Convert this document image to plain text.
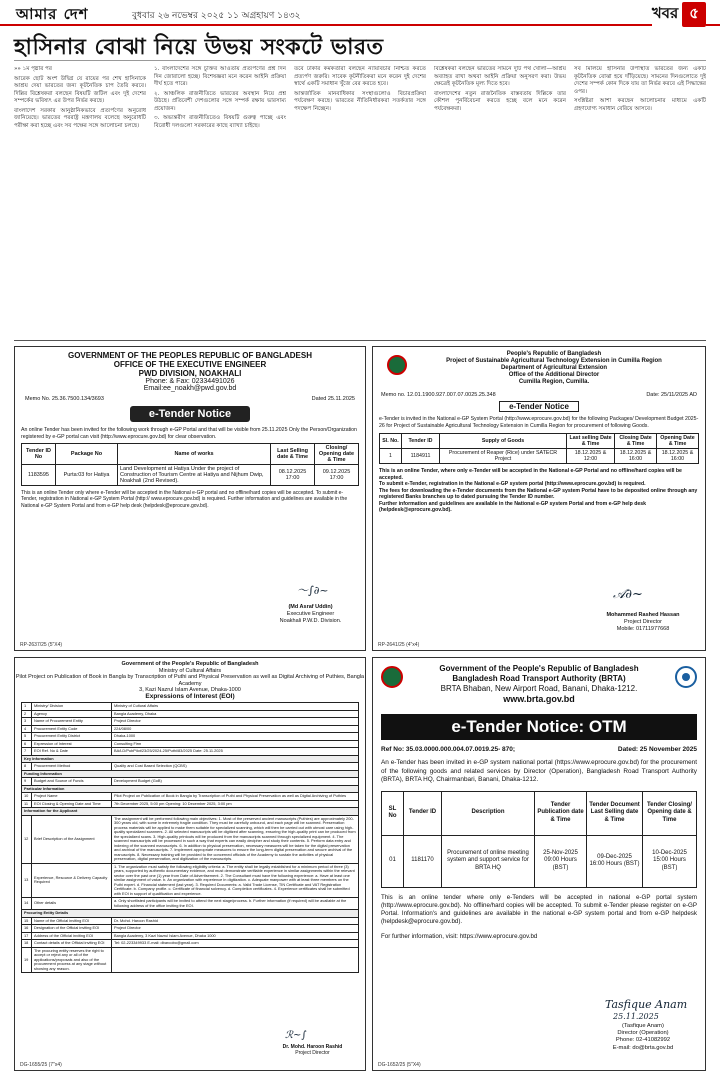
আমার দেশ	বুধবার ২৬ নভেম্বর ২০২৫ ১১ অগ্রহায়ণ ১৪৩২	খবর ৫
হাসিনার বোঝা নিয়ে উভয় সংকটে ভারত

»» ১ম পৃষ্ঠার পর

আরেক ছোট অংশ উদ্বিগ্ন যে রায়ের পর শেখ হাসিনাকে আশ্রয় দেয়া ভারতের জন্য কূটনৈতিক চাপ তৈরি করবে। দিল্লির বিশ্লেষকরা বলছেন বিষয়টি জটিল এবং দুই দেশের সম্পর্কের ভবিষ্যৎ এর উপর নির্ভর করছে।

বাংলাদেশ সরকার আনুষ্ঠানিকভাবে প্রত্যর্পণের অনুরোধ জানিয়েছে। ভারতের পররাষ্ট্র মন্ত্রণালয় বলেছে অনুরোধটি পরীক্ষা করা হচ্ছে এবং সব পক্ষের সঙ্গে আলোচনা চলছে।

১. বাংলাদেশের সঙ্গে চুক্তির আওতায় প্রত্যর্পণের প্রশ্ন দিন দিন জোরালো হচ্ছে। বিশেষজ্ঞরা মনে করেন আইনি প্রক্রিয়া দীর্ঘ হতে পারে।

২. আঞ্চলিক রাজনীতিতে ভারতের অবস্থান নিয়ে প্রশ্ন উঠছে। প্রতিবেশী দেশগুলোর সঙ্গে সম্পর্ক রক্ষায় ভারসাম্য প্রয়োজন।

৩. অভ্যন্তরীণ রাজনীতিতেও বিষয়টি গুরুত্ব পাচ্ছে এবং বিরোধী দলগুলো সরকারের কাছে ব্যাখ্যা চাইছে।

তবে ঢাকার কর্মকর্তারা বলছেন ন্যায়বিচার নিশ্চিত করতে প্রত্যর্পণ জরুরি। সাবেক কূটনীতিকরা মনে করেন দুই দেশের স্বার্থে একটি সমাধান খুঁজে বের করতে হবে।

আন্তর্জাতিক মানবাধিকার সংস্থাগুলোও বিচারপ্রক্রিয়া পর্যবেক্ষণ করছে। ভারতের নীতিনির্ধারকরা সতর্কতার সঙ্গে পদক্ষেপ নিচ্ছেন।

বিশ্লেষকরা বলছেন ভারতের সামনে দুটি পথ খোলা—আশ্রয় অব্যাহত রাখা অথবা আইনি প্রক্রিয়া অনুসরণ করা। উভয় ক্ষেত্রেই কূটনৈতিক মূল্য দিতে হবে।

বাংলাদেশের নতুন রাজনৈতিক বাস্তবতায় দিল্লিকে তার কৌশল পুনর্বিবেচনা করতে হচ্ছে বলে মনে করেন পর্যবেক্ষকরা।

সব মিলিয়ে হাসিনার উপস্থিতি ভারতের জন্য একটি কূটনৈতিক বোঝা হয়ে দাঁড়িয়েছে। সামনের দিনগুলোতে দুই দেশের সম্পর্ক কোন দিকে যায় তা নির্ভর করবে এই সিদ্ধান্তের ওপর।

সংশ্লিষ্টরা আশা করছেন আলোচনার মাধ্যমে একটি গ্রহণযোগ্য সমাধান বেরিয়ে আসবে।

GOVERNMENT OF THE PEOPLES REPUBLIC OF BANGLADESH
OFFICE OF THE EXECUTIVE ENGINEER
PWD DIVISION, NOAKHALI
Phone: & Fax: 02334491026
Email:ee_noakh@pwd.gov.bd
Memo No. 25.36.7500.134/3693	Dated 25.11.2025
e-Tender Notice
An online Tender has been invited for the following work through e-GP Portal and that will be visible from 25.11.2025 Only the Person/Organization registered by e-GP portal can visit (http://www.eprocure.gov.bd) for clear observation.
Tender ID No	Package No	Name of works	Last Selling date & Time	Closing/ Opening date & Time
1183595	Purta:03 for Hatiya	Land Development at Hatiya Under the project of Construction of Tourism Centre at Hatiya and Nijhum Dwip, Noakhali (2nd Revised).	08.12.2025 17:00	09.12.2025 17:00
This is an online Tender only where e-Tender will be accepted in the National e-GP portal and no offline/hard copies will be accepted. To submit e-Tender, registration in National e-GP System Portal (http:// www.eprocure.gov.bd) is required. Further information and guidelines are available in the National e-GP System Portal and from e-GP help desk (helpdesk@eprocure.gov.bd).
〜∫∂~
(Md Asraf Uddin)
Executive Engineer
Noakhali P.W.D. Division.
RP-2637/25 (5"X4)
People's Republic of Bangladesh
Project of Sustainable Agricultural Technology Extension in Cumilla Region
Department of Agricultural Extension
Office of the Additional Director
Cumilla Region, Cumilla.
Memo no. 12.01.1900.927.007.07.0025.25.348	Date: 25/11/2025 AD
e-Tender Notice
e-Tender is invited in the National e-GP System Portal (http://www.eprocure.gov.bd) for the following Packages/ Development Budget 2025-26 for Project of Sustainable Agricultural Technology Extension in Cumilla Region for procurement of following Goods.
Sl. No.	Tender ID	Supply of Goods	Last selling Date & Time	Closing Date & Time	Opening Date & Time
1	1184911	Procurement of Reaper (Rice) under SATECR Project	18.12.2025 & 12:00	18.12.2025 & 16:00	18.12.2025 & 16:00

This is an online Tender, where only e-Tender will be accepted in the National e-GP Portal and no offline/hard copies will be accepted.

To submit e-Tender, registration in the National e-GP system portal (http://www.eprocure.gov.bd) is required.

The fees for downloading the e-Tender documents from the National e-GP system Portal have to be deposited online through any registered Banks branches up to dated pursuing the Tender ID number.

Further information and guidelines are available in the National e-GP system Portal and from e-GP help desk (helpdesk@eprocure.gov.bd).

𝒜∂~
Mohammed Rashed Hassan
Project Director
Mobile: 01711977668
RP-2641/25 (4"x4)
Government of the People's Republic of Bangladesh
Ministry of Cultural Affairs
Pilot Project on Publication of Book in Bangla by Transcription of Puthi and Physical Preservation as well as Digital Archiving of Puthies, Bangla Academy
3, Kazi Nazrul Islam Avenue, Dhaka-1000
Expressions of Interest (EOI)
1	Ministry/ Division	Ministry of Cultural Affairs
2	Agency	Bangla Academy, Dhaka
3	Name of Procurement Entity	Project Director
4	Procurement Entity Code	224/08/00
5	Procurement Entity District	Dhaka-1000
6	Expression of Interest	Consulting Firm
7	EOI Ref. No & Date	BA/LD/PubPilot/23/25/2024-25/Puthi/83/2025 Date: 25.11.2025
Key Information		
8	Procurement Method	Quality and Cost Based Selection (QCBS)
Funding Information		
9	Budget and Source of Funds	Development Budget (GoB)
Particular Information		
10	Project Name	Pilot Project on Publication of Book in Bangla by Transcription of Puthi and Physical Preservation as well as Digital Archiving of Puthies
11	EOI Closing & Opening Date and Time	7th December 2025, 5:00 pm Opening: 10 December 2025, 3:00 pm
Information for the Applicant		
12	Brief Description of the Assignment	The assignment will be performed following main objectives: 1. Most of the preserved ancient manuscripts (Puthies) are approximately 200-300 years old, with some in extremely fragile condition. They must be carefully unbound, and each page will be scanned. Preservation process materials will be applied to make them suitable for specialized scanning, which will then be carried out with utmost care using high-quality specialized scanners. 2. All selected manuscripts will be digitized after scanning, ensuring the high-quality print can be produced from the specialized scans. 3. High-quality printouts will be produced from the manuscripts scanned through specialized equipment. 4. The scanned manuscripts will be processed in such a way that experts can easily decipher and study their contents. 5. Perform data entry and indexing of the scanned manuscripts. 6. In addition to physical preservation, necessary measures will be taken for the digital preservation and archival of the manuscripts. 7. Implement appropriate measures to ensure the long-term digital preservation and secure archival of the manuscripts. 8. Necessary training will be provided to the concerned officials of the Academy to sustain the activities of physical preservation, digital preservation, and digitization of the manuscripts.
13	Experience, Resource & Delivery Capacity Required	1. The organization must satisfy the following eligibility criteria: a. The entity shall be legally established for a minimum period of three (3) years, supported by authentic documentary evidence, and must demonstrate verifiable experience in similar assignments within the relevant sector over the past one (1) year from Date of Advertisement. 2. The Consultant must have the following experience: a. Have at least one similar assignment of value. b. An organization with experience in digitization. c. Adequate manpower with at least three members on the Puthi expert. d. Financial statement (last year). 3. Required Documents: a. Valid Trade License, TIN Certificate and VAT Registration Certificate. b. Company profile. c. Certificate of financial solvency. d. Completion certificates. 4. Experience certificates shall be submitted with EOI in support of qualification and experience.
14	Other details	a. Only shortlisted participants will be invited to attend the next stage/process. b. Further information (if required) will be available at the following address of the office inviting the EOI.
Procuring Entity Details		
15	Name of the Official inviting EOI	Dr. Mohd. Haroon Rashid
16	Designation of the Official inviting EOI	Project Director
17	Address of the Official inviting EOI	Bangla Academy, 3 Kazi Nazrul Islam Avenue, Dhaka 1000
18	Contact details of the Official inviting EOI	Tel: 02-223349933 E-mail: dbaroobo@gmail.com
19	The procuring entity reserves the right to accept or reject any or all of the applications/proposals and also of the procurement process at any stage without showing any reason.	
ℛ~∫
Dr. Mohd. Haroon Rashid
Project Director
DG-1655/25 (7"x4)
Government of the People's Republic of Bangladesh
Bangladesh Road Transport Authority (BRTA)
BRTA Bhaban, New Airport Road, Banani, Dhaka-1212.
www.brta.gov.bd
e-Tender Notice: OTM
Ref No: 35.03.0000.000.004.07.0019.25- 870;	Dated: 25 November 2025
An e-Tender has been invited in e-GP system national portal (https://www.eprocure.gov.bd) for the procurement of the following goods and related services by Director (Operation), Bangladesh Road Transport Authority (BRTA), BRTA HQ, Chairmanbari, Banani, Dhaka-1212.
SL No	Tender ID	Description	Tender Publication date & Time	Tender Document Last Selling date & Time	Tender Closing/ Opening date & Time
01	1181170	Procurement of online meeting system and support service for BRTA HQ	25-Nov-2025 09:00 Hours (BST)	09-Dec-2025 16:00 Hours (BST)	10-Dec-2025 15:00 Hours (BST)
This is an online tender where only e-Tenders will be accepted in national e-GP portal system (http://www.eprocure.gov.bd). No offline/hard copies will be accepted. To submit e-Tender please register on e-GP Portal. Information's and guidelines are available in the national e-GP system portal and from e-GP helpdesk (helpdesk@eprocure.gov.bd).
For further information, visit: https://www.eprocure.gov.bd
Tasfique Anam
25.11.2025
(Tasfique Anam)
Director (Operation)
Phone: 02-41082992
E-mail: do@brta.gov.bd
DG-1652/25 (5"X4)
